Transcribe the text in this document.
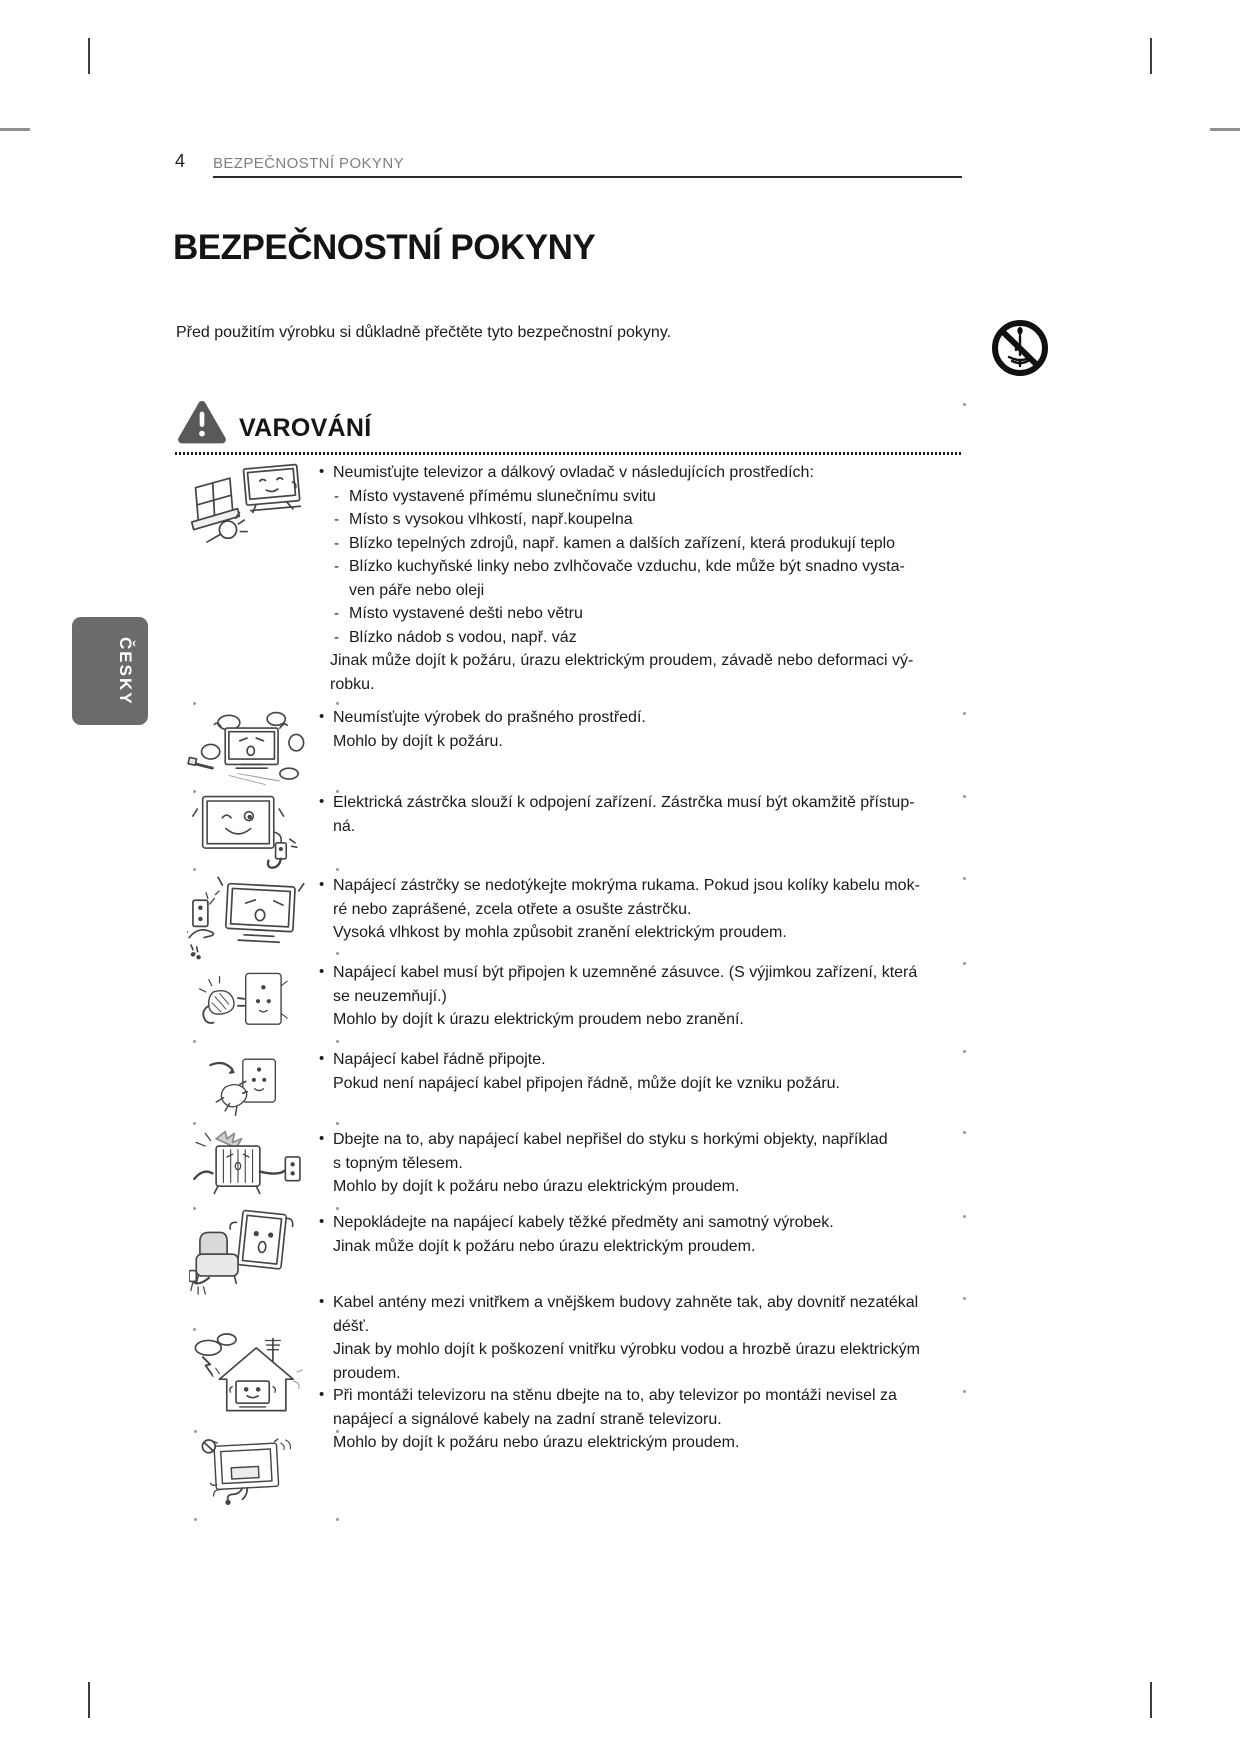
4 BEZPEČNOSTNÍ POKYNY
BEZPEČNOSTNÍ POKYNY
Před použitím výrobku si důkladně přečtěte tyto bezpečnostní pokyny.
VAROVÁNÍ
ČESKY
• Neumisťujte televizor a dálkový ovladač v následujících prostředích:
- Místo vystavené přímému slunečnímu svitu
- Místo s vysokou vlhkostí, např.koupelna
- Blízko tepelných zdrojů, např. kamen a dalších zařízení, která produkují teplo
- Blízko kuchyňské linky nebo zvlhčovače vzduchu, kde může být snadno vysta-
ven páře nebo oleji
- Místo vystavené dešti nebo větru
- Blízko nádob s vodou, např. váz
Jinak může dojít k požáru, úrazu elektrickým proudem, závadě nebo deformaci vý-
robku.
• Neumísťujte výrobek do prašného prostředí.
Mohlo by dojít k požáru.
• Elektrická zástrčka slouží k odpojení zařízení. Zástrčka musí být okamžitě přístup-
ná.
• Napájecí zástrčky se nedotýkejte mokrýma rukama. Pokud jsou kolíky kabelu mok-
ré nebo zaprášené, zcela otřete a osušte zástrčku.
Vysoká vlhkost by mohla způsobit zranění elektrickým proudem.
• Napájecí kabel musí být připojen k uzemněné zásuvce. (S výjimkou zařízení, která
se neuzemňují.)
Mohlo by dojít k úrazu elektrickým proudem nebo zranění.
• Napájecí kabel řádně připojte.
Pokud není napájecí kabel připojen řádně, může dojít ke vzniku požáru.
• Dbejte na to, aby napájecí kabel nepřišel do styku s horkými objekty, například
s topným tělesem.
Mohlo by dojít k požáru nebo úrazu elektrickým proudem.
• Nepokládejte na napájecí kabely těžké předměty ani samotný výrobek.
Jinak může dojít k požáru nebo úrazu elektrickým proudem.
• Kabel antény mezi vnitřkem a vnějškem budovy zahněte tak, aby dovnitř nezatékal
déšť.
Jinak by mohlo dojít k poškození vnitřku výrobku vodou a hrozbě úrazu elektrickým
proudem.
• Při montáži televizoru na stěnu dbejte na to, aby televizor po montáži nevisel za
napájecí a signálové kabely na zadní straně televizoru.
Mohlo by dojít k požáru nebo úrazu elektrickým proudem.
